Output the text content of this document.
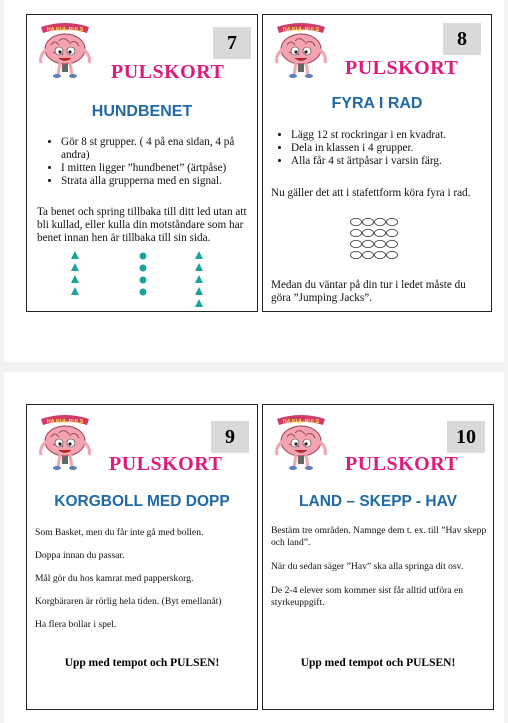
7
PULSKORT
HUNDBENET
• Gör 8 st grupper. ( 4 på ena sidan, 4 på andra)
• I mitten ligger ”hundbenet” (ärtpåse)
• Strata alla grupperna med en signal.
Ta benet och spring tillbaka till ditt led utan att bli kullad, eller kulla din motståndare som har benet innan hen är tillbaka till sin sida.
8
PULSKORT
FYRA I RAD
• Lägg 12 st rockringar i en kvadrat.
• Dela in klassen i 4 grupper.
• Alla får 4 st ärtpåsar i varsin färg.
Nu gäller det att i stafettform köra fyra i rad.
Medan du väntar på din tur i ledet måste du göra ”Jumping Jacks”.
9
PULSKORT
KORGBOLL MED DOPP
Som Basket, men du får inte gå med bollen.
Doppa innan du passar.
Mål gör du hos kamrat med papperskorg.
Korgbäraren är rörlig hela tiden. (Byt emellanåt)
Ha flera bollar i spel.
Upp med tempot och PULSEN!
10
PULSKORT
LAND – SKEPP - HAV
Bestäm tre områden. Namnge dem t. ex. till ”Hav skepp och land”.
När du sedan säger ”Hav” ska alla springa dit osv.
De 2-4 elever som kommer sist får alltid utföra en styrkeuppgift.
Upp med tempot och PULSEN!
